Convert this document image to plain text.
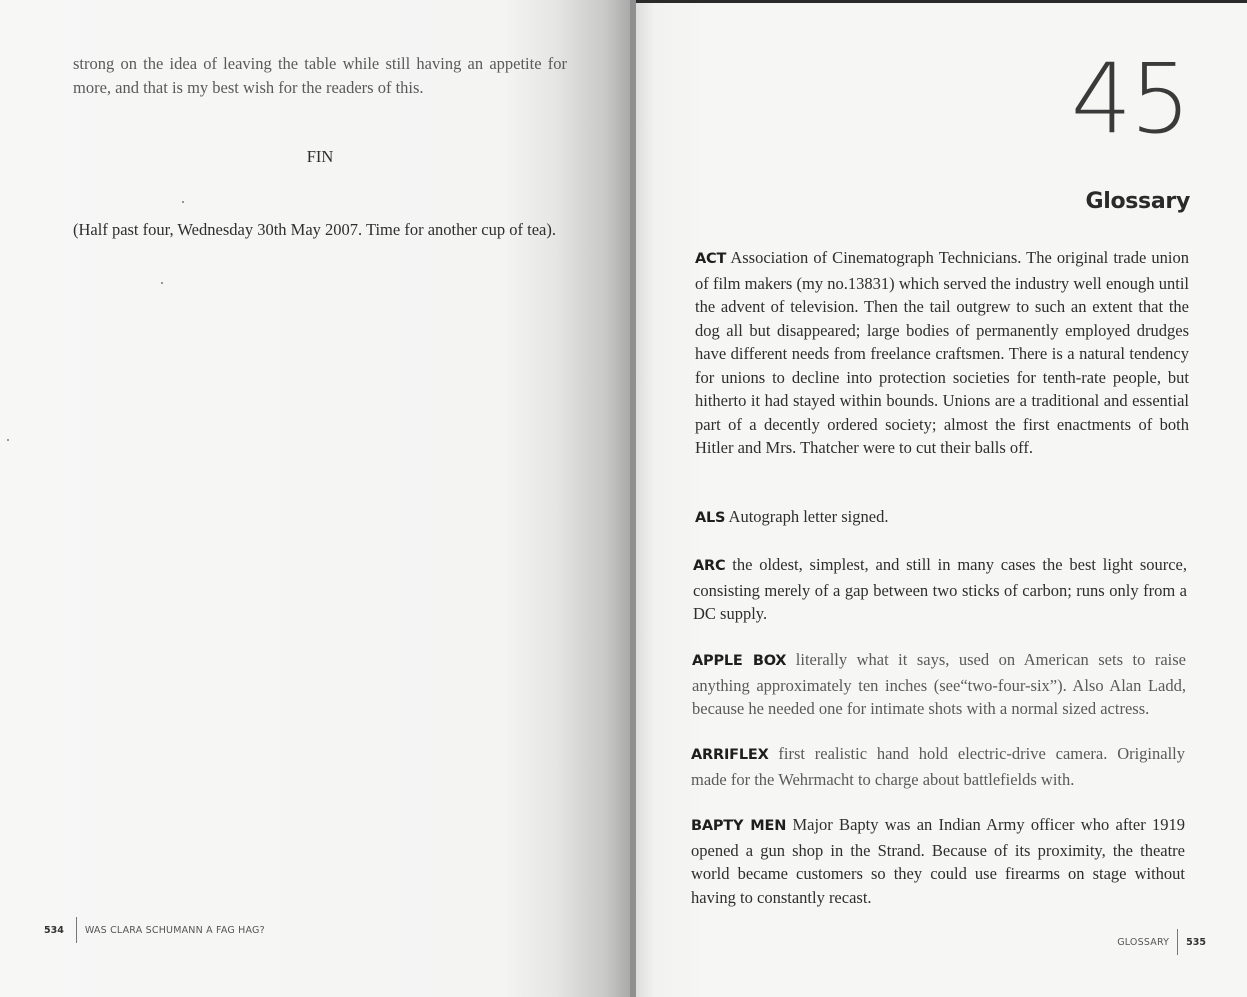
strong on the idea of leaving the table while still having an appetite for more, and that is my best wish for the readers of this.

FIN

(Half past four, Wednesday 30th May 2007. Time for another cup of tea).

534 WAS CLARA SCHUMANN A FAG HAG?

45

Glossary

ACT Association of Cinematograph Technicians. The original trade union of film makers (my no.13831) which served the industry well enough until the advent of television. Then the tail outgrew to such an extent that the dog all but disappeared; large bodies of permanently employed drudges have different needs from freelance craftsmen. There is a natural tendency for unions to decline into protection societies for tenth-rate people, but hitherto it had stayed within bounds. Unions are a traditional and essential part of a decently ordered society; almost the first enactments of both Hitler and Mrs. Thatcher were to cut their balls off.

ALS Autograph letter signed.

ARC the oldest, simplest, and still in many cases the best light source, consisting merely of a gap between two sticks of carbon; runs only from a DC supply.

APPLE BOX literally what it says, used on American sets to raise anything approximately ten inches (see“two-four-six”). Also Alan Ladd, because he needed one for intimate shots with a normal sized actress.

ARRIFLEX first realistic hand hold electric-drive camera. Originally made for the Wehrmacht to charge about battlefields with.

BAPTY MEN Major Bapty was an Indian Army officer who after 1919 opened a gun shop in the Strand. Because of its proximity, the theatre world became customers so they could use firearms on stage without having to constantly recast.

GLOSSARY 535
